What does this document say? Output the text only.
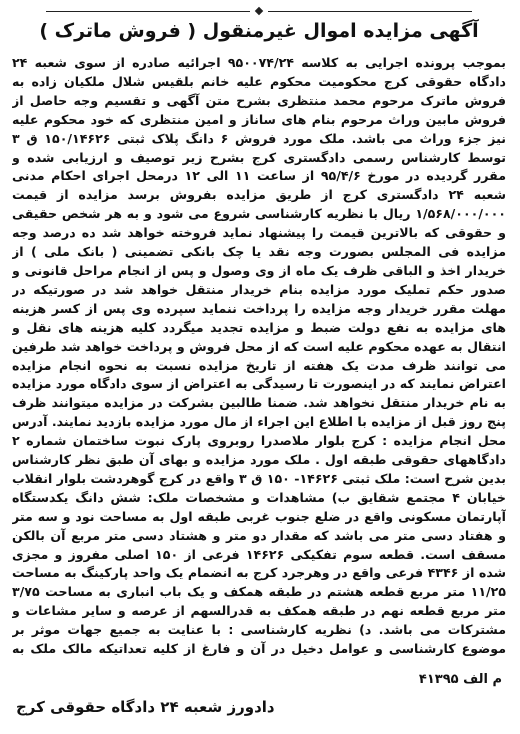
آگهی مزایده اموال غیرمنقول ( فروش ماترک )
بموجب پرونده اجرایی به کلاسه ۹۵۰۰۷۴/۲۴ اجرائیه صادره از سوی شعبه ۲۴ دادگاه حقوقی کرج محکومیت محکوم علیه خانم بلقیس شلال ملکیان زاده به فروش ماترک مرحوم محمد منتظری بشرح متن آگهی و تقسیم وجه حاصل از فروش مابین وراث مرحوم بنام های ساناز و امین منتظری که خود محکوم علیه نیز جزء وراث می باشد. ملک مورد فروش ۶ دانگ پلاک ثبتی ۱۵۰/۱۴۶۲۶ ق ۳ توسط کارشناس رسمی دادگستری کرج بشرح زیر توصیف و ارزیابی شده و مقرر گردیده در مورخ ۹۵/۴/۶ از ساعت ۱۱ الی ۱۲ درمحل اجرای احکام مدنی شعبه ۲۴ دادگستری کرج از طریق مزایده بفروش برسد مزایده از قیمت ۱/۵۶۸/۰۰۰/۰۰۰ ریال با نظریه کارشناسی شروع می شود و به هر شخص حقیقی و حقوقی که بالاترین قیمت را پیشنهاد نماید فروخته خواهد شد ده درصد وجه مزایده فی المجلس بصورت وجه نقد یا چک بانکی تضمینی ( بانک ملی ) از خریدار اخذ و الباقی ظرف یک ماه از وی وصول و پس از انجام مراحل قانونی و صدور حکم تملیک مورد مزایده بنام خریدار منتقل خواهد شد در صورتیکه در مهلت مقرر خریدار وجه مزایده را پرداخت ننماید سپرده وی پس از کسر هزینه های مزایده به نفع دولت ضبط و مزایده تجدید میگردد کلیه هزینه های نقل و انتقال به عهده محکوم علیه است که از محل فروش و پرداخت خواهد شد طرفین می توانند ظرف مدت یک هفته از تاریخ مزایده نسبت به نحوه انجام مزایده اعتراض نمایند که در اینصورت تا رسیدگی به اعتراض از سوی دادگاه مورد مزایده به نام خریدار منتقل نخواهد شد. ضمنا طالبین بشرکت در مزایده میتوانند ظرف پنج روز قبل از مزایده با اطلاع این اجراء از مال مورد مزایده بازدید نمایند. آدرس محل انجام مزایده : کرج بلوار ملاصدرا روبروی پارک نبوت ساختمان شماره ۲ دادگاههای حقوقی طبقه اول . ملک مورد مزایده و بهای آن طبق نظر کارشناس بدین شرح است: ملک ثبتی ۱۴۶۲۶- ۱۵۰ ق ۳ واقع در کرج گوهردشت بلوار انقلاب خیابان ۴ مجتمع شقایق ب) مشاهدات و مشخصات ملک: شش دانگ یکدستگاه آپارتمان مسکونی واقع در ضلع جنوب غربی طبقه اول به مساحت نود و سه متر و هفتاد دسی متر می باشد که مقدار دو متر و هشتاد دسی متر مربع آن بالکن مسقف است. قطعه سوم تفکیکی ۱۴۶۲۶ فرعی از ۱۵۰ اصلی مفروز و مجزی شده از ۴۳۴۶ فرعی واقع در وهرجرد کرج به انضمام یک واحد پارکینگ به مساحت ۱۱/۲۵ متر مربع قطعه هشتم در طبقه همکف و یک باب انباری به مساحت ۳/۷۵ متر مربع قطعه نهم در طبقه همکف به قدرالسهم از عرصه و سایر مشاعات و مشترکات می باشد. د) نظریه کارشناسی : با عنایت به جمیع جهات موثر بر موضوع کارشناسی و عوامل دخیل در آن و فارغ از کلیه تعداتیکه مالک ملک به
م الف ۴۱۳۹۵
دادورز شعبه ۲۴ دادگاه حقوقی کرج
